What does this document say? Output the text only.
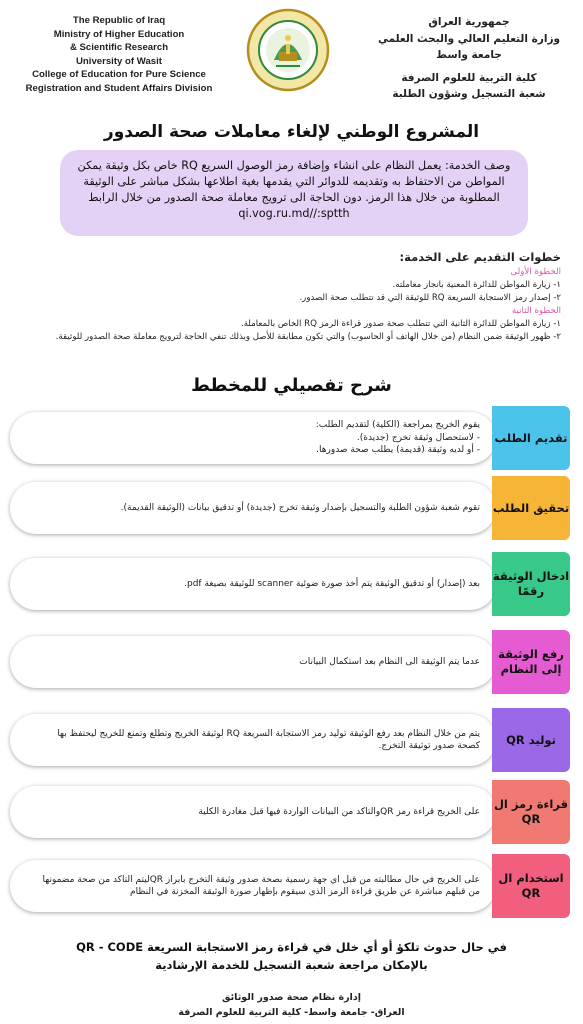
The Republic of Iraq
Ministry of Higher Education
& Scientific Research
University of Wasit
College of Education for Pure Science
Registration and Student Affairs Division
جمهورية العراق
وزارة التعليم العالي والبحث العلمي
جامعة واسط
كلية التربية للعلوم الصرفة
شعبة التسجيل وشؤون الطلبة
المشروع الوطني لإلغاء معاملات صحة الصدور
وصف الخدمة: يعمل النظام على انشاء وإضافة رمز الوصول السريع RQ خاص بكل وثيقة يمكن المواطن من الاحتفاظ به وتقديمه للدوائر التي يقدمها بغية اطلاعها بشكل مباشر على الوثيقة المطلوبة من خلال هذا الرمز. دون الحاجة الى ترويج معاملة صحة الصدور من خلال الرابط qi.vog.ru.md//:sptth
خطوات التقديم على الخدمة:
الخطوة الأولى
١- زيارة المواطن للدائرة المعنية بانجاز معاملته.
٢- إصدار رمز الاستجابة السريعة RQ للوثيقة التي قد تتطلب صحة الصدور.
الخطوة الثانية
١- زيارة المواطن للدائرة الثانية التي تتطلب صحة صدور قراءة الرمز RQ الخاص بالمعاملة.
٢- ظهور الوثيقة ضمن النظام (من خلال الهاتف أو الحاسوب) والتي تكون مطابقة للأصل وبذلك تنفي الحاجة لترويج معاملة صحة الصدور للوثيقة.
شرح تفصيلي للمخطط
يقوم الخريج بمراجعة (الكلية) لتقديم الطلب:
- لاستحصال وثيقة تخرج (جديدة).
- أو لديه وثيقة (قديمة) يطلب صحة صدورها.
تقديم الطلب
تقوم شعبة شؤون الطلبة والتسجيل بإصدار وثيقة تخرج (جديدة) أو تدقيق بيانات (الوثيقة القديمة). تحقيق الطلب
بعد (إصدار) أو تدقيق الوثيقة يتم أخذ صورة ضوئية scanner للوثيقة بصيغة pdf.
ادخال الوثيقة رقمًا
عدما يتم الوثيقة الى النظام بعد استكمال البيانات
رفع الوثيقة إلى النظام
يتم من خلال النظام بعد رفع الوثيقة توليد رمز الاستجابة السريعة RQ لوثيقة الخريج وتطلع وتمنع للخريج ليحتفظ بها كصحة صدور توثيقة التخرج. توليد QR
على الخريج قراءة رمز QRوالتاكد من البيانات الواردة فيها قبل مغادرة الكلية
قراءة رمز ال QR
على الخريج في حال مطالبته من قبل اي جهة رسمية بصحة صدور وثيقة التخرج بابراز QRليتم التاكد من صحة مضمونها من قبلهم مباشرة عن طريق قراءة الرمز الذي سيقوم بإظهار صورة الوثيقة المخزنة في النظام
استخدام ال QR
في حال حدوث تلكؤ أو أي خلل في قراءة رمز الاستجابة السريعة QR - CODE
بالإمكان مراجعة شعبة التسجيل للخدمة الإرشادية
إدارة نظام صحة صدور الوثائق
العراق- جامعة واسط- كلية التربية للعلوم الصرفة
